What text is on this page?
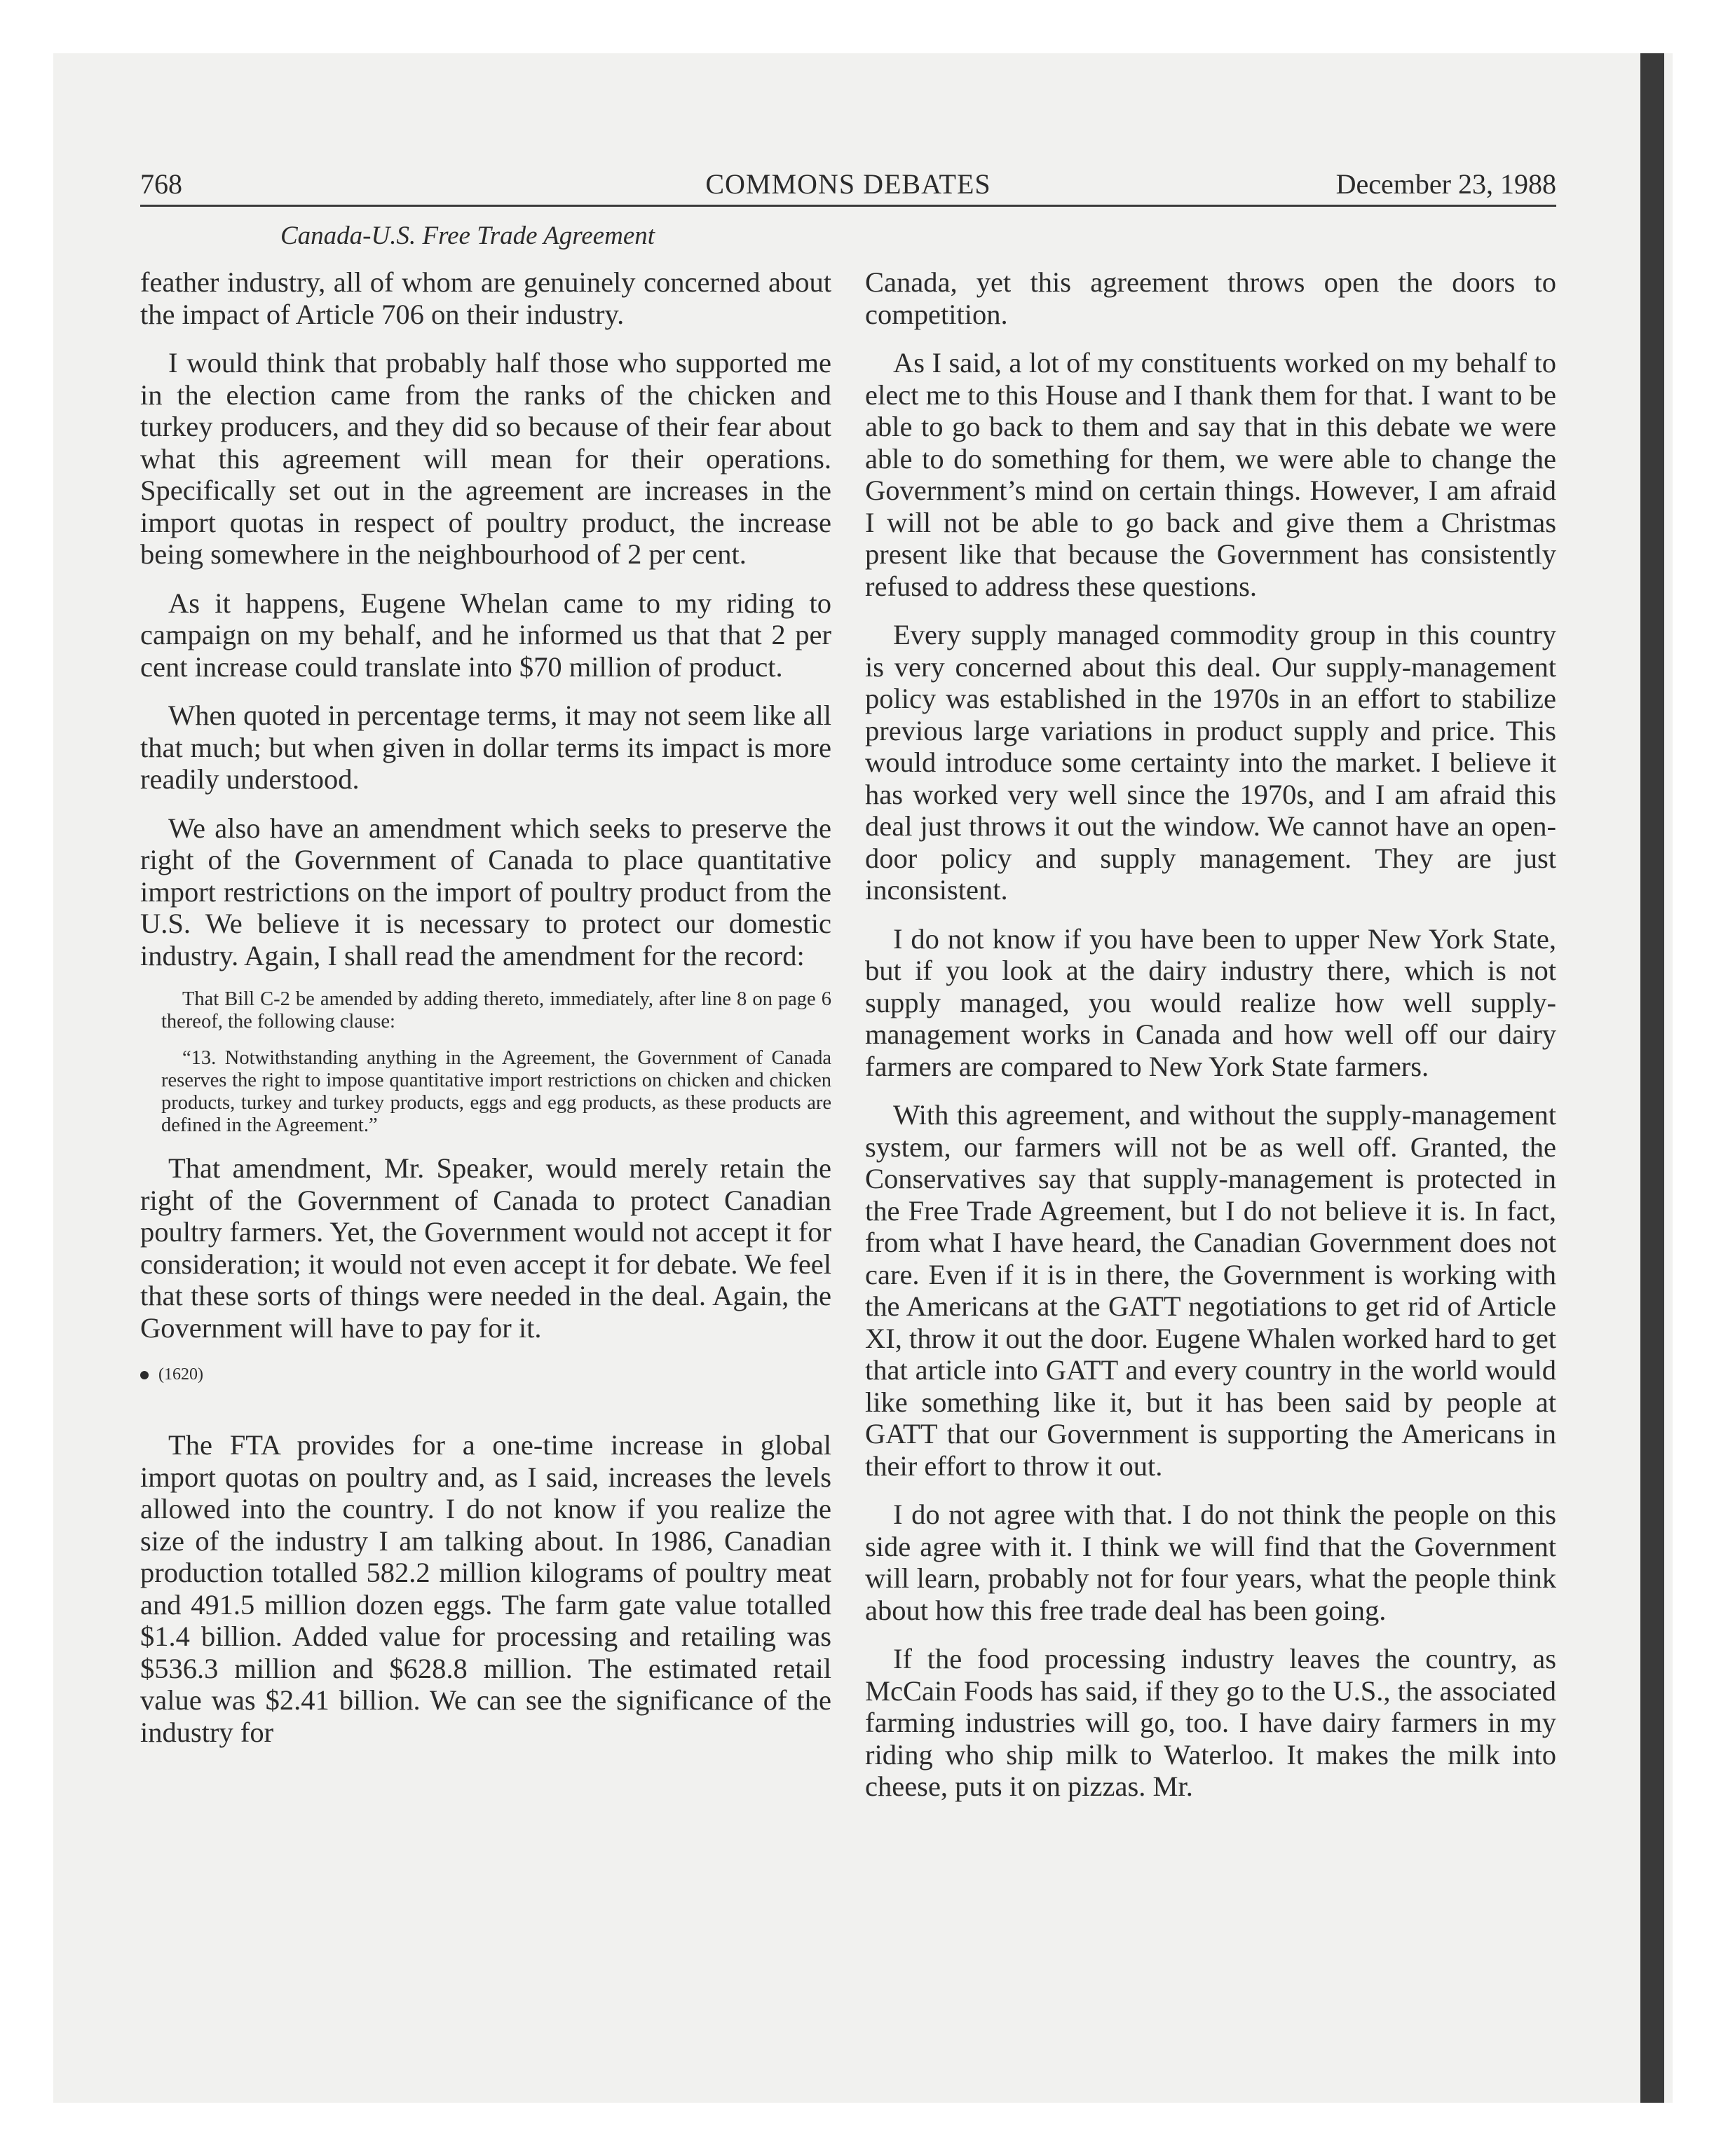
768	COMMONS DEBATES	December 23, 1988
Canada-U.S. Free Trade Agreement

feather industry, all of whom are genuinely concerned about the impact of Article 706 on their industry.

I would think that probably half those who supported me in the election came from the ranks of the chicken and turkey producers, and they did so because of their fear about what this agreement will mean for their operations. Specifically set out in the agreement are increases in the import quotas in respect of poultry product, the increase being somewhere in the neighbourhood of 2 per cent.

As it happens, Eugene Whelan came to my riding to campaign on my behalf, and he informed us that that 2 per cent increase could translate into $70 million of product.

When quoted in percentage terms, it may not seem like all that much; but when given in dollar terms its impact is more readily understood.

We also have an amendment which seeks to preserve the right of the Government of Canada to place quantitative import restrictions on the import of poultry product from the U.S. We believe it is necessary to protect our domestic industry. Again, I shall read the amendment for the record:

That Bill C-2 be amended by adding thereto, immediately, after line 8 on page 6 thereof, the following clause:
“13. Notwithstanding anything in the Agreement, the Government of Canada reserves the right to impose quantitative import restrictions on chicken and chicken products, turkey and turkey products, eggs and egg products, as these products are defined in the Agreement.”

That amendment, Mr. Speaker, would merely retain the right of the Government of Canada to protect Canadian poultry farmers. Yet, the Government would not accept it for consideration; it would not even accept it for debate. We feel that these sorts of things were needed in the deal. Again, the Government will have to pay for it.

(1620)

The FTA provides for a one-time increase in global import quotas on poultry and, as I said, increases the levels allowed into the country. I do not know if you realize the size of the industry I am talking about. In 1986, Canadian production totalled 582.2 million kilograms of poultry meat and 491.5 million dozen eggs. The farm gate value totalled $1.4 billion. Added value for processing and retailing was $536.3 million and $628.8 million. The estimated retail value was $2.41 billion. We can see the significance of the industry for

Canada, yet this agreement throws open the doors to competition.

As I said, a lot of my constituents worked on my behalf to elect me to this House and I thank them for that. I want to be able to go back to them and say that in this debate we were able to do something for them, we were able to change the Government’s mind on certain things. However, I am afraid I will not be able to go back and give them a Christmas present like that because the Government has consistently refused to address these questions.

Every supply managed commodity group in this country is very concerned about this deal. Our supply-management policy was established in the 1970s in an effort to stabilize previous large variations in product supply and price. This would introduce some certainty into the market. I believe it has worked very well since the 1970s, and I am afraid this deal just throws it out the window. We cannot have an open-door policy and supply management. They are just inconsistent.

I do not know if you have been to upper New York State, but if you look at the dairy industry there, which is not supply managed, you would realize how well supply-management works in Canada and how well off our dairy farmers are compared to New York State farmers.

With this agreement, and without the supply-management system, our farmers will not be as well off. Granted, the Conservatives say that supply-management is protected in the Free Trade Agreement, but I do not believe it is. In fact, from what I have heard, the Canadian Government does not care. Even if it is in there, the Government is working with the Americans at the GATT negotiations to get rid of Article XI, throw it out the door. Eugene Whalen worked hard to get that article into GATT and every country in the world would like something like it, but it has been said by people at GATT that our Government is supporting the Americans in their effort to throw it out.

I do not agree with that. I do not think the people on this side agree with it. I think we will find that the Government will learn, probably not for four years, what the people think about how this free trade deal has been going.

If the food processing industry leaves the country, as McCain Foods has said, if they go to the U.S., the associated farming industries will go, too. I have dairy farmers in my riding who ship milk to Waterloo. It makes the milk into cheese, puts it on pizzas. Mr.
